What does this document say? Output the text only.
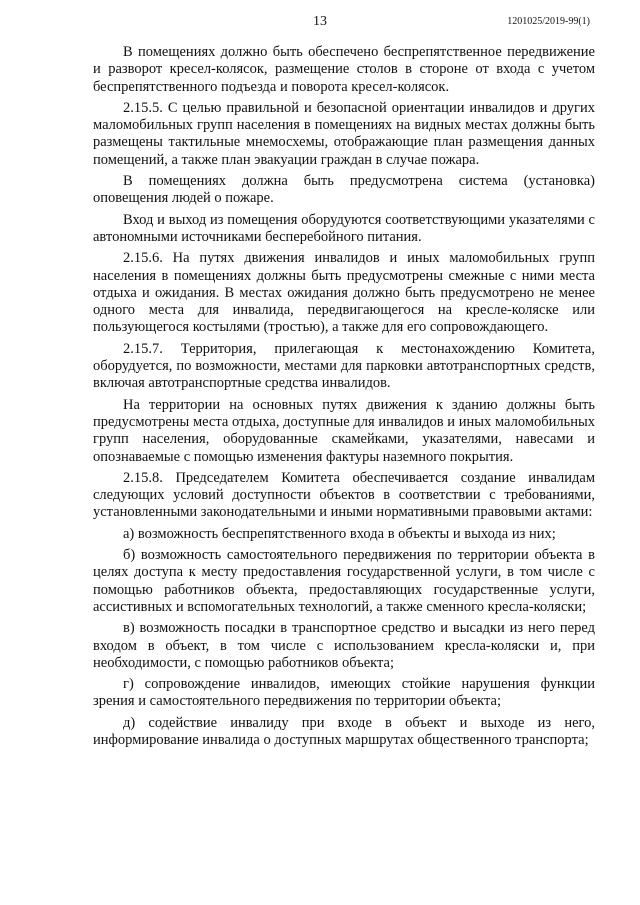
13	1201025/2019-99(1)

В помещениях должно быть обеспечено беспрепятственное передвижение и разворот кресел-колясок, размещение столов в стороне от входа с учетом беспрепятственного подъезда и поворота кресел-колясок.

2.15.5. С целью правильной и безопасной ориентации инвалидов и других маломобильных групп населения в помещениях на видных местах должны быть размещены тактильные мнемосхемы, отображающие план размещения данных помещений, а также план эвакуации граждан в случае пожара.

В помещениях должна быть предусмотрена система (установка) оповещения людей о пожаре.

Вход и выход из помещения оборудуются соответствующими указателями с автономными источниками бесперебойного питания.

2.15.6. На путях движения инвалидов и иных маломобильных групп населения в помещениях должны быть предусмотрены смежные с ними места отдыха и ожидания. В местах ожидания должно быть предусмотрено не менее одного места для инвалида, передвигающегося на кресле-коляске или пользующегося костылями (тростью), а также для его сопровождающего.

2.15.7. Территория, прилегающая к местонахождению Комитета, оборудуется, по возможности, местами для парковки автотранспортных средств, включая автотранспортные средства инвалидов.

На территории на основных путях движения к зданию должны быть предусмотрены места отдыха, доступные для инвалидов и иных маломобильных групп населения, оборудованные скамейками, указателями, навесами и опознаваемые с помощью изменения фактуры наземного покрытия.

2.15.8. Председателем Комитета обеспечивается создание инвалидам следующих условий доступности объектов в соответствии с требованиями, установленными законодательными и иными нормативными правовыми актами:

а) возможность беспрепятственного входа в объекты и выхода из них;

б) возможность самостоятельного передвижения по территории объекта в целях доступа к месту предоставления государственной услуги, в том числе с помощью работников объекта, предоставляющих государственные услуги, ассистивных и вспомогательных технологий, а также сменного кресла-коляски;

в) возможность посадки в транспортное средство и высадки из него перед входом в объект, в том числе с использованием кресла-коляски и, при необходимости, с помощью работников объекта;

г) сопровождение инвалидов, имеющих стойкие нарушения функции зрения и самостоятельного передвижения по территории объекта;

д) содействие инвалиду при входе в объект и выходе из него, информирование инвалида о доступных маршрутах общественного транспорта;
